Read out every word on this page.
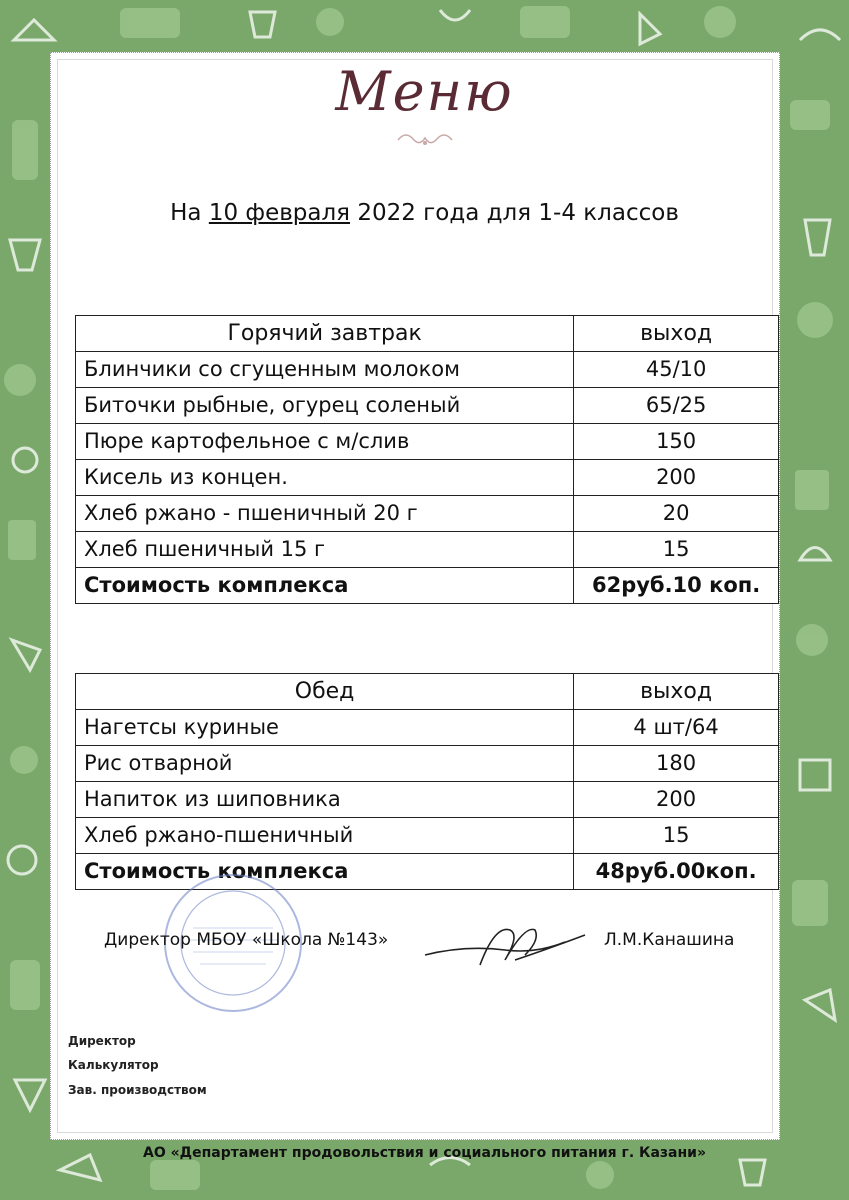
Меню
На 10 февраля 2022 года для 1-4 классов
Горячий завтрак	выход
Блинчики со сгущенным молоком	45/10
Биточки рыбные, огурец соленый	65/25
Пюре картофельное с м/слив	150
Кисель из концен.	200
Хлеб ржано - пшеничный 20 г	20
Хлеб пшеничный 15 г	15
Стоимость комплекса	62руб.10 коп.
Обед	выход
Нагетсы куриные	4 шт/64
Рис отварной	180
Напиток из шиповника	200
Хлеб ржано-пшеничный	15
Стоимость комплекса	48руб.00коп.
Директор МБОУ «Школа №143»	Л.М.Канашина
Директор
Калькулятор
Зав. производством
АО «Департамент продовольствия и социального питания г. Казани»
